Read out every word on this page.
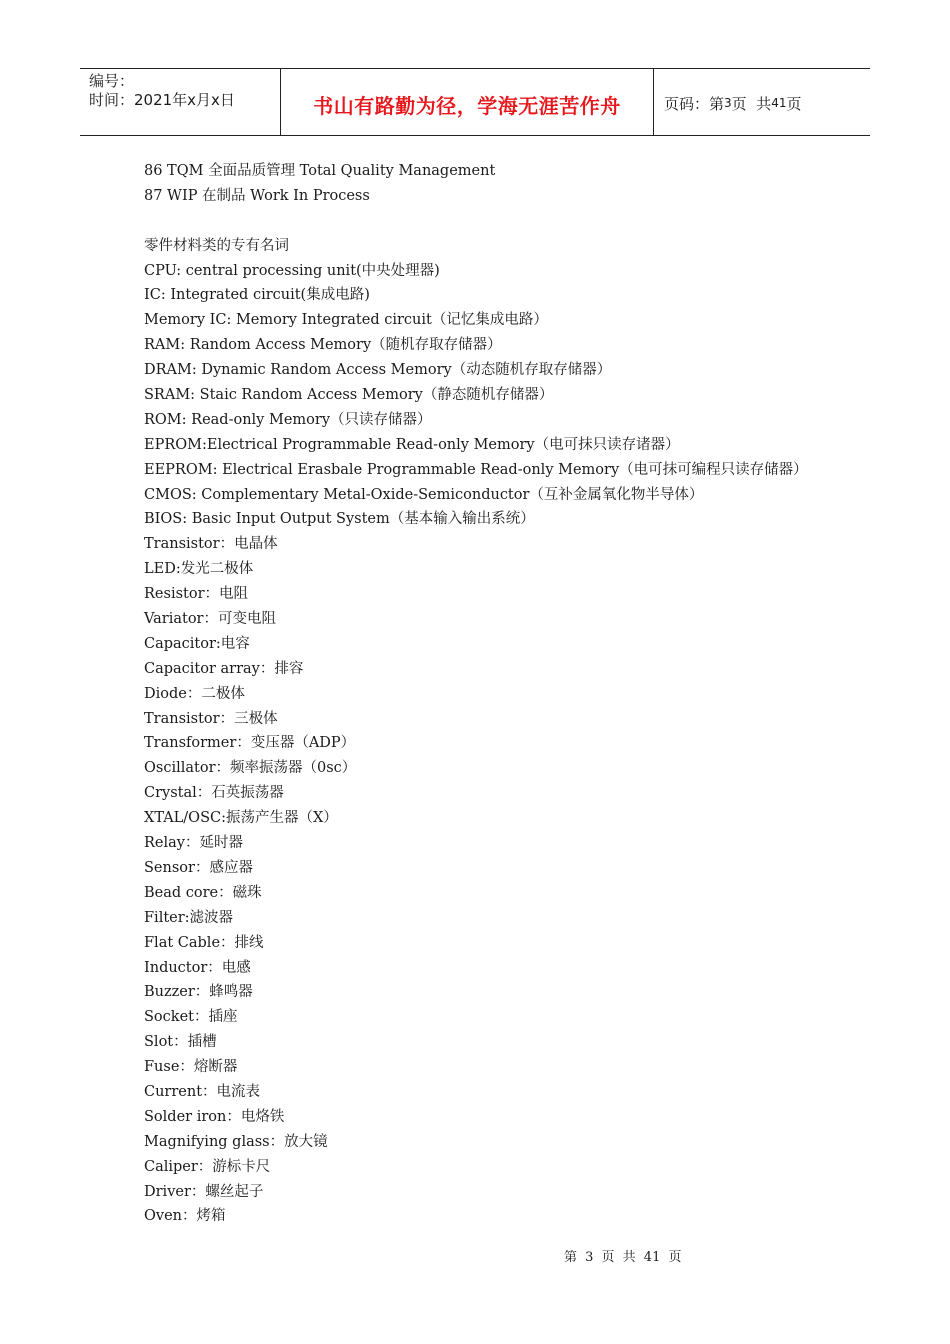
编号：
时间：2021年x月x日	书山有路勤为径，学海无涯苦作舟	页码：第 3 页  共 41 页
86 TQM 全面品质管理 Total Quality Management
87 WIP 在制品 Work In Process
零件材料类的专有名词
CPU: central processing unit(中央处理器)
IC: Integrated circuit(集成电路)
Memory IC: Memory Integrated circuit（记忆集成电路）
RAM: Random Access Memory（随机存取存储器）
DRAM: Dynamic Random Access Memory（动态随机存取存储器）
SRAM: Staic Random Access Memory（静态随机存储器）
ROM: Read-only Memory（只读存储器）
EPROM:Electrical Programmable Read-only Memory（电可抹只读存诸器）
EEPROM: Electrical Erasbale Programmable Read-only Memory（电可抹可编程只读存储器）
CMOS: Complementary Metal-Oxide-Semiconductor（互补金属氧化物半导体）
BIOS: Basic Input Output System（基本输入输出系统）
Transistor：电晶体
LED:发光二极体
Resistor：电阻
Variator：可变电阻
Capacitor:电容
Capacitor array：排容
Diode：二极体
Transistor：三极体
Transformer：变压器（ADP）
Oscillator：频率振荡器（0sc）
Crystal：石英振荡器
XTAL/OSC:振荡产生器（X）
Relay：延时器
Sensor：感应器
Bead core：磁珠
Filter:滤波器
Flat Cable：排线
Inductor：电感
Buzzer：蜂鸣器
Socket：插座
Slot：插槽
Fuse：熔断器
Current：电流表
Solder iron：电烙铁
Magnifying glass：放大镜
Caliper：游标卡尺
Driver：螺丝起子
Oven：烤箱
第 3 页 共 41 页
